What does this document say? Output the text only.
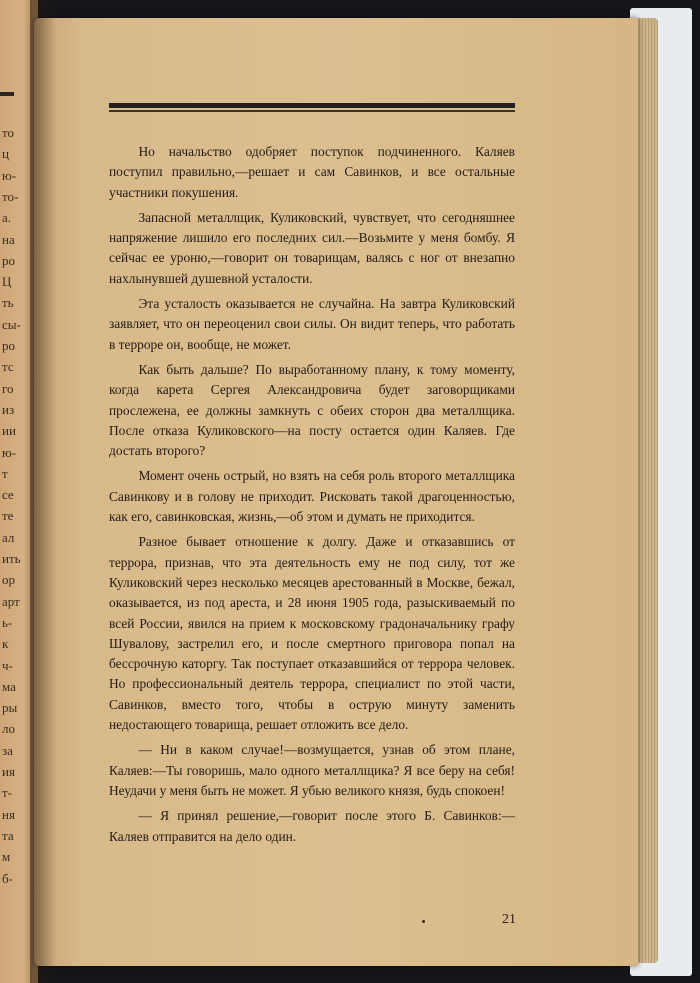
то
ц
ю-
то-
а.
на
ро
Ц
ть
сы-
ро
тс
го
из
ии
ю-
т
се
те
ал
ить
ор
арт
ь-
к
ч-
ма
ры
ло
за
ия
т-
ня
та
м
б-

Но начальство одобряет поступок подчиненного. Каляев поступил правильно,—решает и сам Савинков, и все остальные участники покушения.

Запасной металлщик, Куликовский, чувствует, что сегодняшнее напряжение лишило его последних сил.—Возьмите у меня бомбу. Я сейчас ее уроню,—говорит он товарищам, валясь с ног от внезапно нахлынувшей душевной усталости.

Эта усталость оказывается не случайна. На завтра Куликовский заявляет, что он переоценил свои силы. Он видит теперь, что работать в терроре он, вообще, не может.

Как быть дальше? По выработанному плану, к тому моменту, когда карета Сергея Александровича будет заговорщиками прослежена, ее должны замкнуть с обеих сторон два металлщика. После отказа Куликовского—на посту остается один Каляев. Где достать второго?

Момент очень острый, но взять на себя роль второго металлщика Савинкову и в голову не приходит. Рисковать такой драгоценностью, как его, савинковская, жизнь,—об этом и думать не приходится.

Разное бывает отношение к долгу. Даже и отказавшись от террора, признав, что эта деятельность ему не под силу, тот же Куликовский через несколько месяцев арестованный в Москве, бежал, оказывается, из под ареста, и 28 июня 1905 года, разыскиваемый по всей России, явился на прием к московскому градоначальнику графу Шувалову, застрелил его, и после смертного приговора попал на бессрочную каторгу. Так поступает отказавшийся от террора человек. Но профессиональный деятель террора, специалист по этой части, Савинков, вместо того, чтобы в острую минуту заменить недостающего товарища, решает отложить все дело.

— Ни в каком случае!—возмущается, узнав об этом плане, Каляев:—Ты говоришь, мало одного металлщика? Я все беру на себя! Неудачи у меня быть не может. Я убью великого князя, будь спокоен!

— Я принял решение,—говорит после этого Б. Савинков:—Каляев отправится на дело один.

21
